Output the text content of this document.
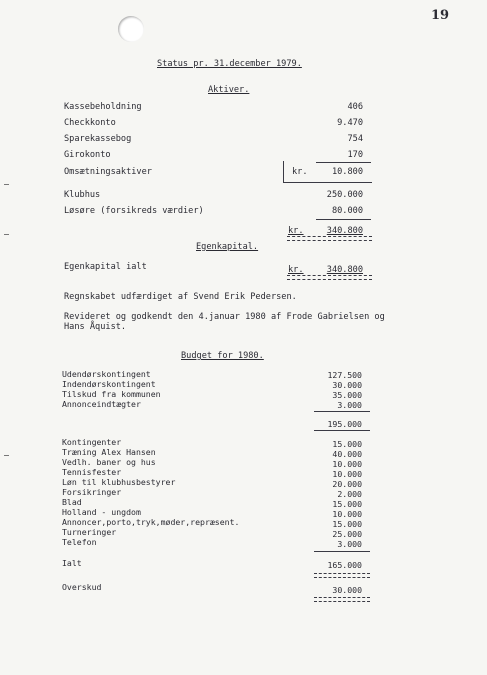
19
Status pr. 31.december 1979.
Aktiver.
Kassebeholdning	406
Checkkonto	9.470
Sparekassebog	754
Girokonto	170
Omsætningsaktiver	kr.	10.800
Klubhus	250.000
Løsøre (forsikreds værdier)	80.000
kr.	340.800
Egenkapital.
Egenkapital ialt	kr.	340.800
Regnskabet udfærdiget af Svend Erik Pedersen.
Revideret og godkendt den 4.januar 1980 af Frode Gabrielsen og
Hans Åquist.
Budget for 1980.
Udendørskontingent	127.500
Indendørskontingent	30.000
Tilskud fra kommunen	35.000
Annonceindtægter	3.000
195.000
Kontingenter	15.000
Træning Alex Hansen	40.000
Vedlh. baner og hus	10.000
Tennisfester	10.000
Løn til klubhusbestyrer	20.000
Forsikringer	2.000
Blad	15.000
Holland - ungdom	10.000
Annoncer,porto,tryk,møder,repræsent.	15.000
Turneringer	25.000
Telefon	3.000
Ialt	165.000
Overskud	30.000
